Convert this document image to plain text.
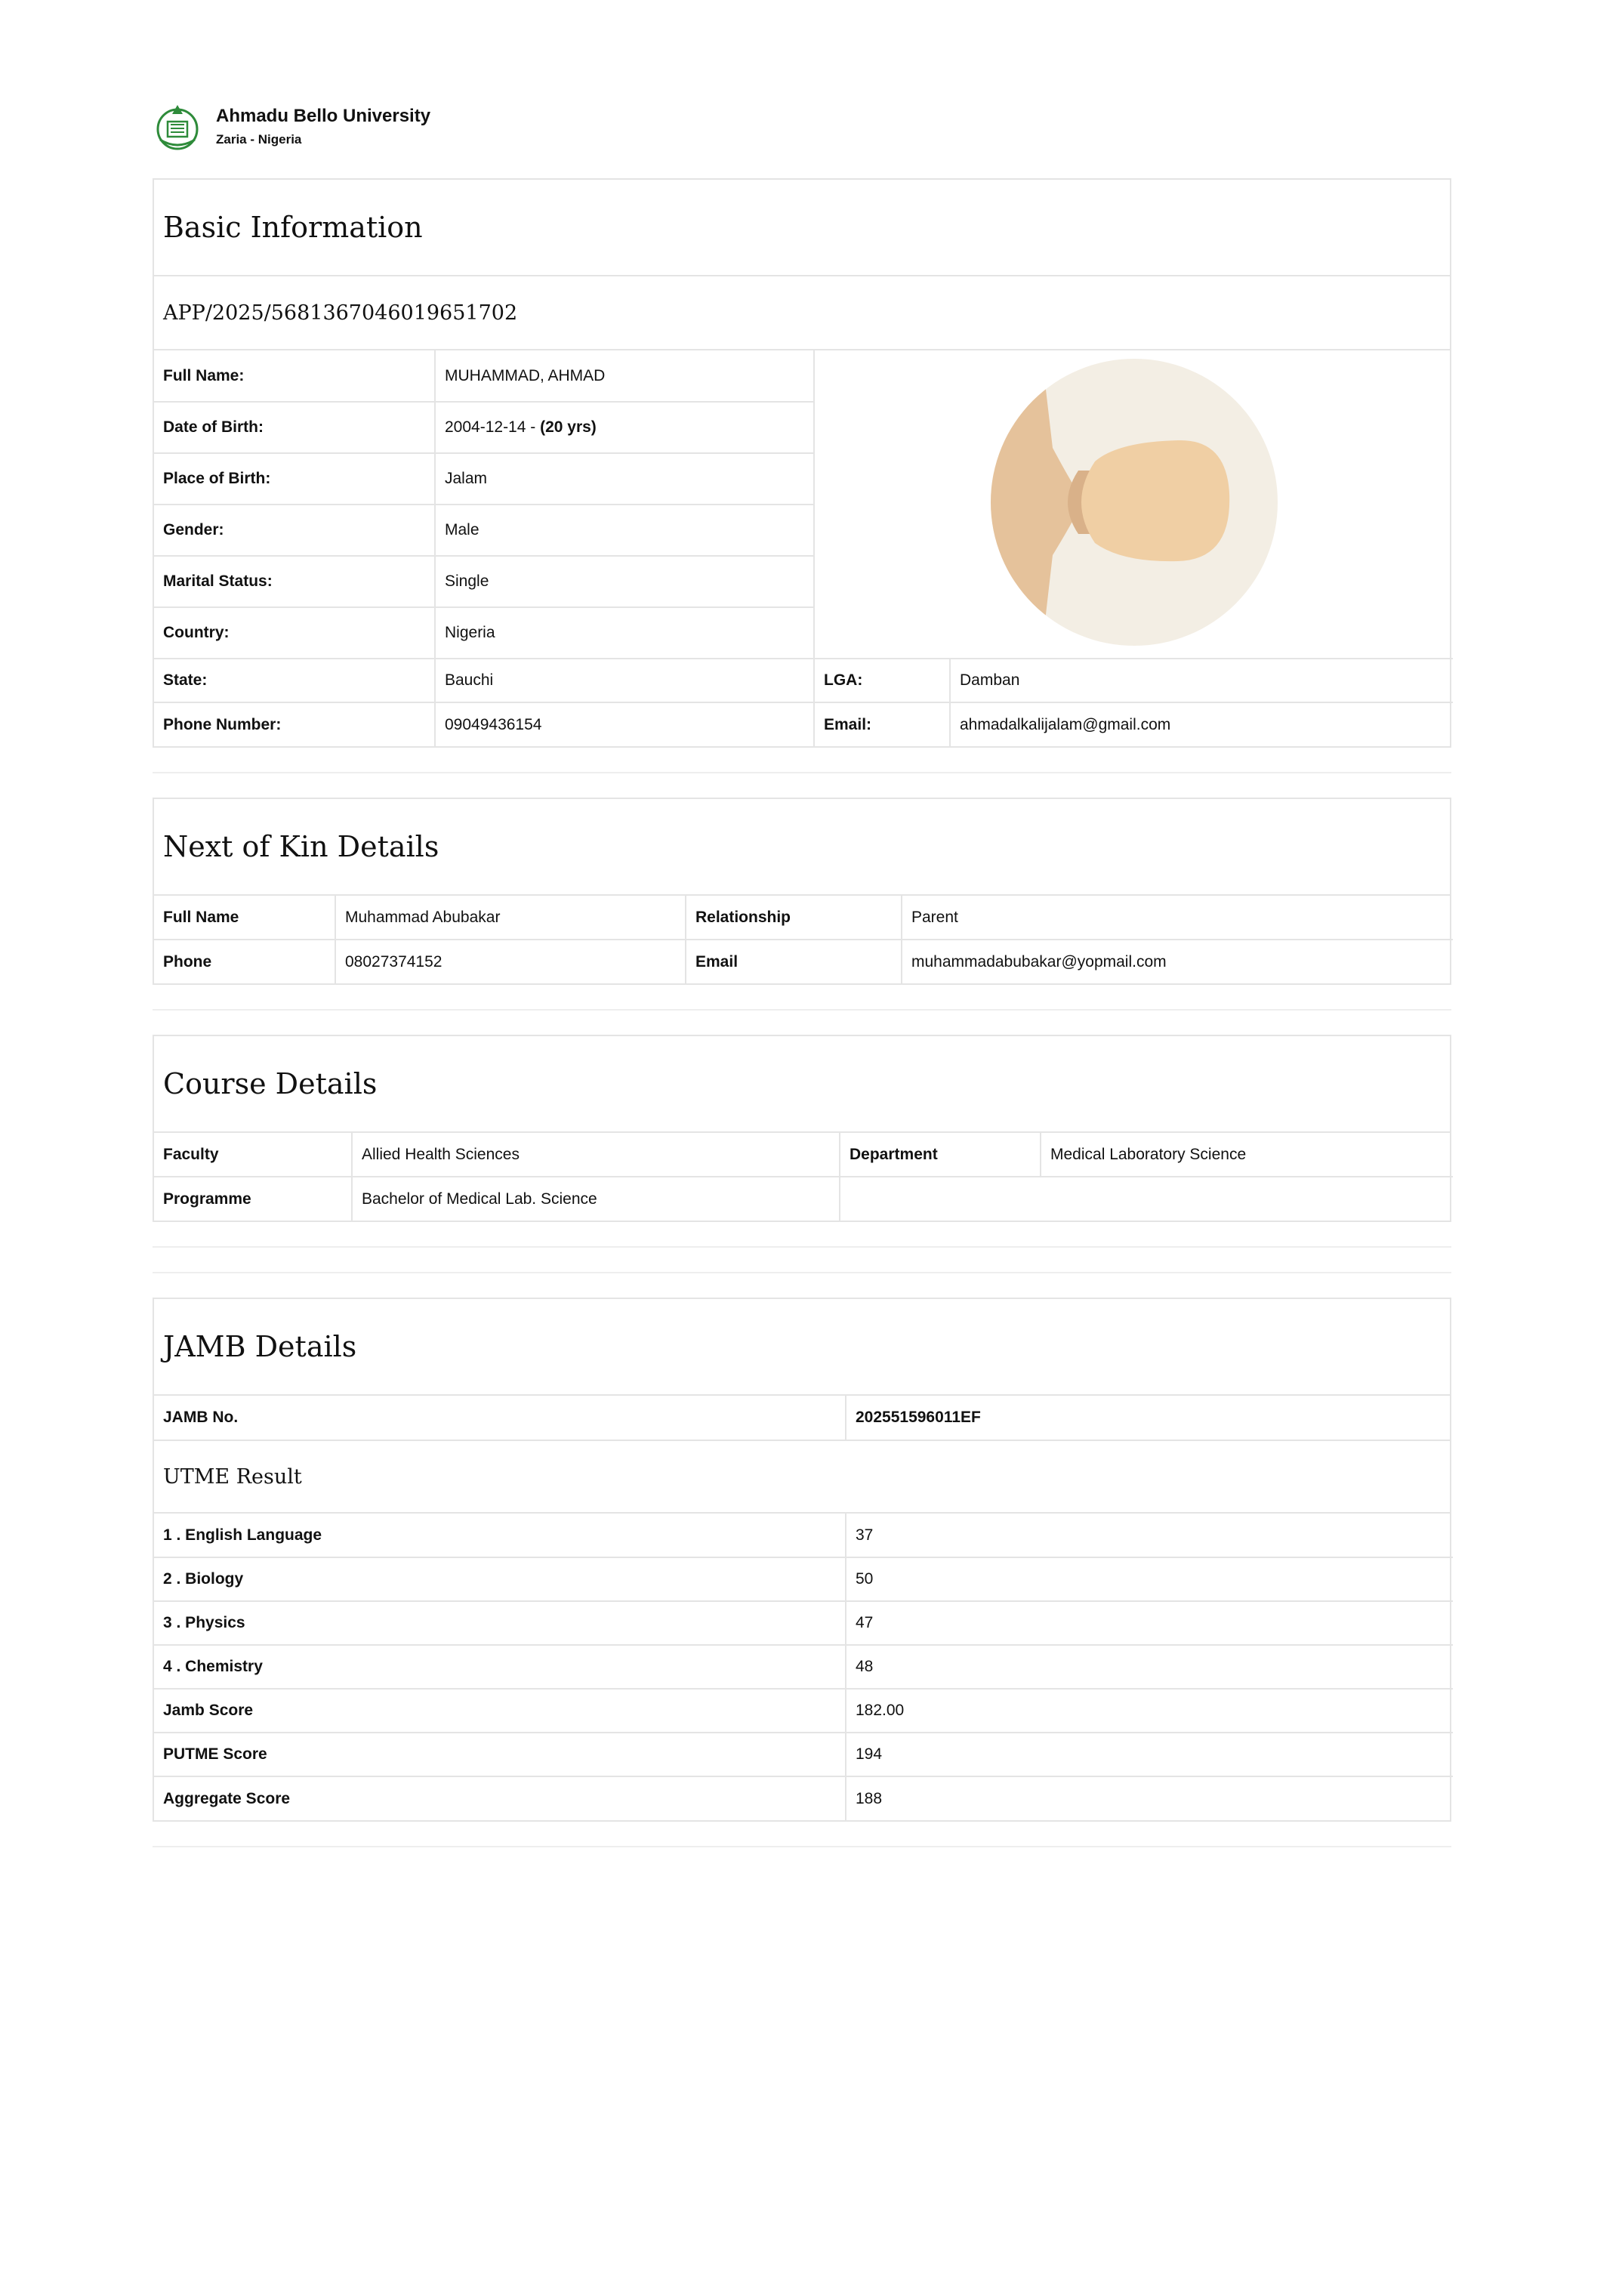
Ahmadu Bello University
Zaria - Nigeria
Basic Information
APP/2025/5681367046019651702
Full Name:	MUHAMMAD, AHMAD	
Date of Birth:	2004-12-14 - (20 yrs)		
Place of Birth:	Jalam		
Gender:	Male		
Marital Status:	Single		
Country:	Nigeria		
State:	Bauchi	LGA:	Damban
Phone Number:	09049436154	Email:	ahmadalkalijalam@gmail.com
Next of Kin Details
Full Name	Muhammad Abubakar	Relationship	Parent
Phone	08027374152	Email	muhammadabubakar@yopmail.com
Course Details
Faculty	Allied Health Sciences	Department	Medical Laboratory Science
Programme	Bachelor of Medical Lab. Science		
JAMB Details
JAMB No.	202551596011EF
UTME Result
1 . English Language	37
2 . Biology	50
3 . Physics	47
4 . Chemistry	48
Jamb Score	182.00
PUTME Score	194
Aggregate Score	188
